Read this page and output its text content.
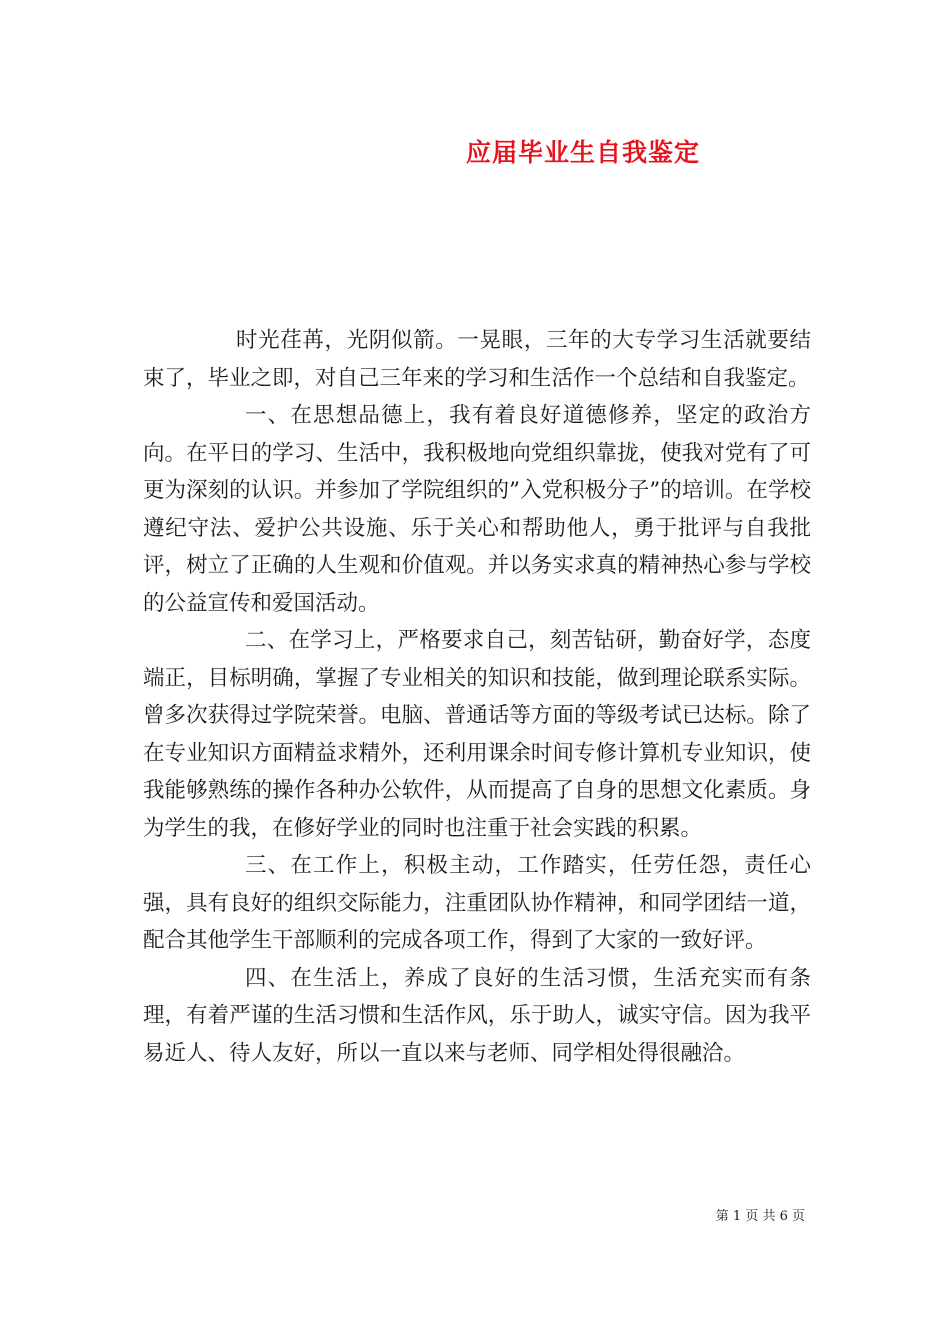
应届毕业生自我鉴定

时光荏苒，光阴似箭。一晃眼，三年的大专学习生活就要结束了，毕业之即，对自己三年来的学习和生活作一个总结和自我鉴定。

一、在思想品德上，我有着良好道德修养，坚定的政治方向。在平日的学习、生活中，我积极地向党组织靠拢，使我对党有了可更为深刻的认识。并参加了学院组织的”入党积极分子”的培训。在学校遵纪守法、爱护公共设施、乐于关心和帮助他人，勇于批评与自我批评，树立了正确的人生观和价值观。并以务实求真的精神热心参与学校的公益宣传和爱国活动。

二、在学习上，严格要求自己，刻苦钻研，勤奋好学，态度端正，目标明确，掌握了专业相关的知识和技能，做到理论联系实际。曾多次获得过学院荣誉。电脑、普通话等方面的等级考试已达标。除了在专业知识方面精益求精外，还利用课余时间专修计算机专业知识，使我能够熟练的操作各种办公软件，从而提高了自身的思想文化素质。身为学生的我，在修好学业的同时也注重于社会实践的积累。

三、在工作上，积极主动，工作踏实，任劳任怨，责任心强，具有良好的组织交际能力，注重团队协作精神，和同学团结一道，配合其他学生干部顺利的完成各项工作，得到了大家的一致好评。

四、在生活上，养成了良好的生活习惯，生活充实而有条理，有着严谨的生活习惯和生活作风，乐于助人，诚实守信。因为我平易近人、待人友好，所以一直以来与老师、同学相处得很融洽。

第 1 页 共 6 页
